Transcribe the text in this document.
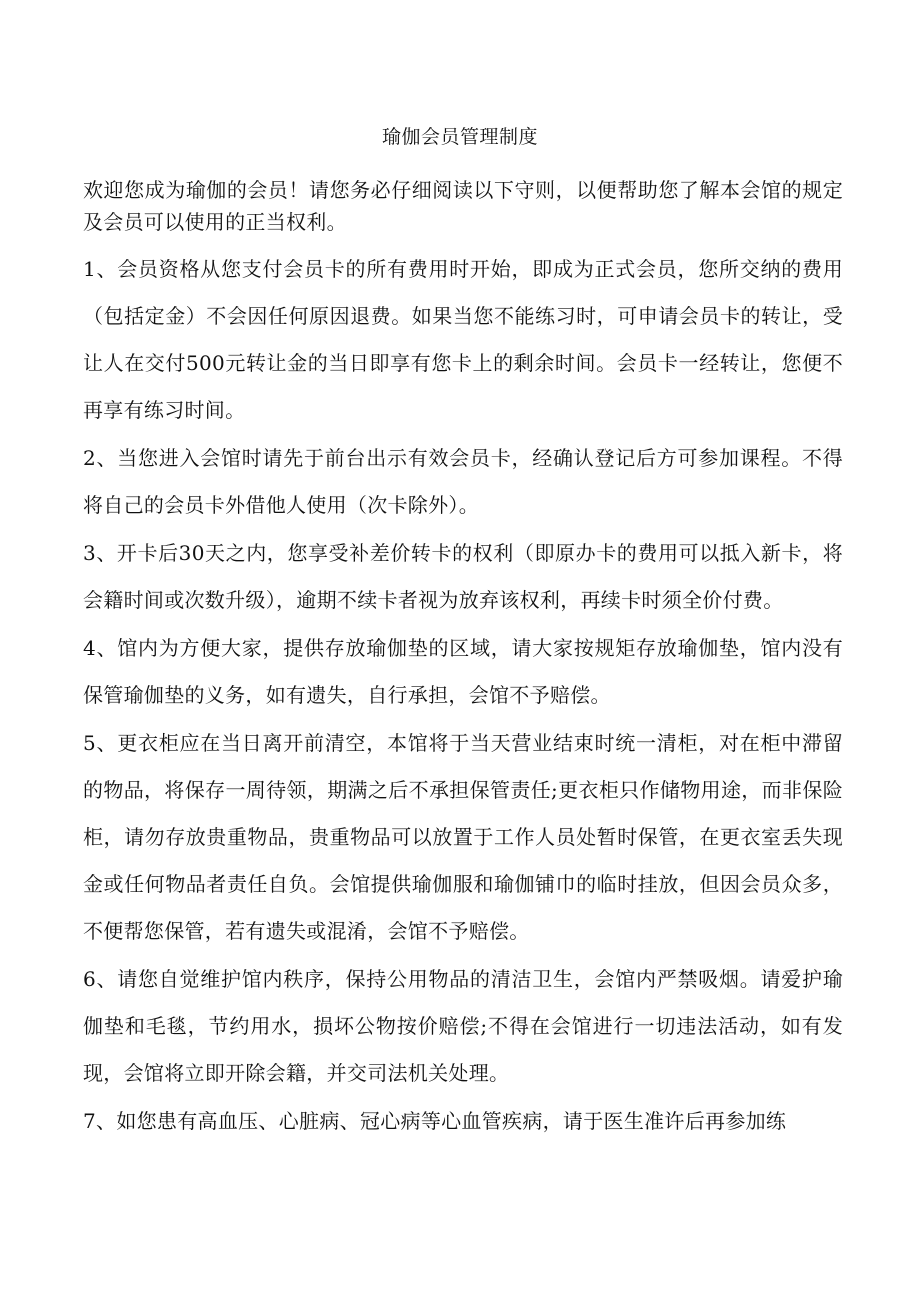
瑜伽会员管理制度
欢迎您成为瑜伽的会员！请您务必仔细阅读以下守则，以便帮助您了解本会馆的规定及会员可以使用的正当权利。
1、会员资格从您支付会员卡的所有费用时开始，即成为正式会员，您所交纳的费用（包括定金）不会因任何原因退费。如果当您不能练习时，可申请会员卡的转让，受让人在交付500元转让金的当日即享有您卡上的剩余时间。会员卡一经转让，您便不再享有练习时间。
2、当您进入会馆时请先于前台出示有效会员卡，经确认登记后方可参加课程。不得将自己的会员卡外借他人使用（次卡除外）。
3、开卡后30天之内，您享受补差价转卡的权利（即原办卡的费用可以抵入新卡，将会籍时间或次数升级），逾期不续卡者视为放弃该权利，再续卡时须全价付费。
4、馆内为方便大家，提供存放瑜伽垫的区域，请大家按规矩存放瑜伽垫，馆内没有保管瑜伽垫的义务，如有遗失，自行承担，会馆不予赔偿。
5、更衣柜应在当日离开前清空，本馆将于当天营业结束时统一清柜，对在柜中滞留的物品，将保存一周待领，期满之后不承担保管责任;更衣柜只作储物用途，而非保险柜，请勿存放贵重物品，贵重物品可以放置于工作人员处暂时保管，在更衣室丢失现金或任何物品者责任自负。会馆提供瑜伽服和瑜伽铺巾的临时挂放，但因会员众多，不便帮您保管，若有遗失或混淆，会馆不予赔偿。
6、请您自觉维护馆内秩序，保持公用物品的清洁卫生，会馆内严禁吸烟。请爱护瑜伽垫和毛毯，节约用水，损坏公物按价赔偿;不得在会馆进行一切违法活动，如有发现，会馆将立即开除会籍，并交司法机关处理。
7、如您患有高血压、心脏病、冠心病等心血管疾病，请于医生准许后再参加练
